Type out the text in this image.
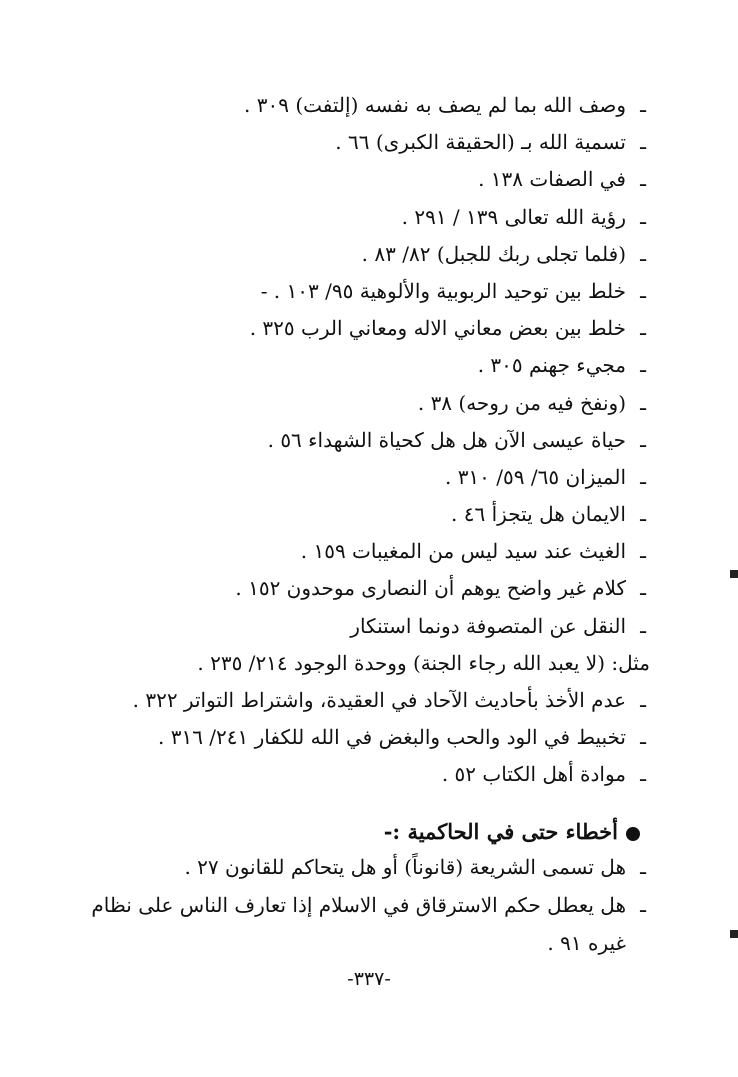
ـ
وصف الله بما لم يصف به نفسه (إلتفت) ٣٠٩ .
ـ
تسمية الله بـ (الحقيقة الكبرى) ٦٦ .
ـ
في الصفات ١٣٨ .
ـ
رؤية الله تعالى ١٣٩ / ٢٩١ .
ـ
(فلما تجلى ربك للجبل) ٨٢/ ٨٣ .
ـ
خلط بين توحيد الربوبية والألوهية ٩٥/ ١٠٣ . -
ـ
خلط بين بعض معاني الاله ومعاني الرب ٣٢٥ .
ـ
مجيء جهنم ٣٠٥ .
ـ
(ونفخ فيه من روحه) ٣٨ .
ـ
حياة عيسى الآن هل هل كحياة الشهداء ٥٦ .
ـ
الميزان ٦٥/ ٥٩/ ٣١٠ .
ـ
الايمان هل يتجزأ ٤٦ .
ـ
الغيث عند سيد ليس من المغيبات ١٥٩ .
ـ
كلام غير واضح يوهم أن النصارى موحدون ١٥٢ .
ـ
النقل عن المتصوفة دونما استنكار
مثل: (لا يعبد الله رجاء الجنة) ووحدة الوجود ٢١٤/ ٢٣٥ .
ـ
عدم الأخذ بأحاديث الآحاد في العقيدة، واشتراط التواتر ٣٢٢ .
ـ
تخبيط في الود والحب والبغض في الله للكفار ٢٤١/ ٣١٦ .
ـ
موادة أهل الكتاب ٥٢ .
أخطاء حتى في الحاكمية :-
ـ
هل تسمى الشريعة (قانوناً) أو هل يتحاكم للقانون ٢٧ .
ـ
هل يعطل حكم الاسترقاق في الاسلام إذا تعارف الناس على نظام
غيره ٩١ .
-٣٣٧-
